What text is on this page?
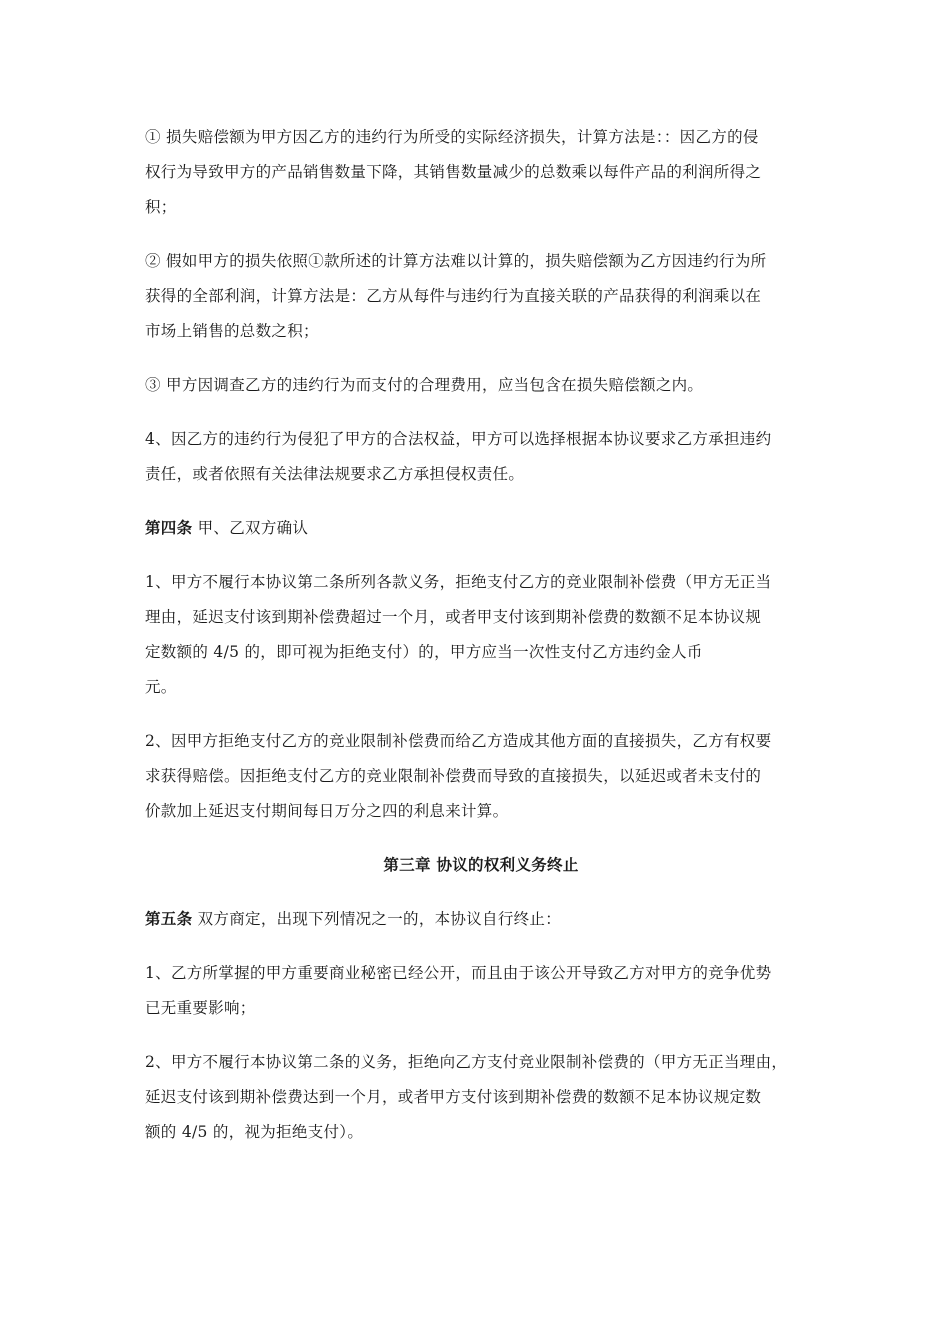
① 损失赔偿额为甲方因乙方的违约行为所受的实际经济损失，计算方法是：：因乙方的侵
权行为导致甲方的产品销售数量下降，其销售数量减少的总数乘以每件产品的利润所得之
积；

② 假如甲方的损失依照①款所述的计算方法难以计算的，损失赔偿额为乙方因违约行为所
获得的全部利润，计算方法是：乙方从每件与违约行为直接关联的产品获得的利润乘以在
市场上销售的总数之积；

③ 甲方因调查乙方的违约行为而支付的合理费用，应当包含在损失赔偿额之内。

4、因乙方的违约行为侵犯了甲方的合法权益，甲方可以选择根据本协议要求乙方承担违约
责任，或者依照有关法律法规要求乙方承担侵权责任。

第四条 甲、乙双方确认

1、甲方不履行本协议第二条所列各款义务，拒绝支付乙方的竞业限制补偿费（甲方无正当
理由，延迟支付该到期补偿费超过一个月，或者甲支付该到期补偿费的数额不足本协议规
定数额的 4/5 的，即可视为拒绝支付）的，甲方应当一次性支付乙方违约金人币
元。

2、因甲方拒绝支付乙方的竞业限制补偿费而给乙方造成其他方面的直接损失，乙方有权要
求获得赔偿。因拒绝支付乙方的竞业限制补偿费而导致的直接损失，以延迟或者未支付的
价款加上延迟支付期间每日万分之四的利息来计算。

第三章 协议的权利义务终止

第五条 双方商定，出现下列情况之一的，本协议自行终止：

1、乙方所掌握的甲方重要商业秘密已经公开，而且由于该公开导致乙方对甲方的竞争优势
已无重要影响；

2、甲方不履行本协议第二条的义务，拒绝向乙方支付竞业限制补偿费的（甲方无正当理由，
延迟支付该到期补偿费达到一个月，或者甲方支付该到期补偿费的数额不足本协议规定数
额的 4/5 的，视为拒绝支付）。
